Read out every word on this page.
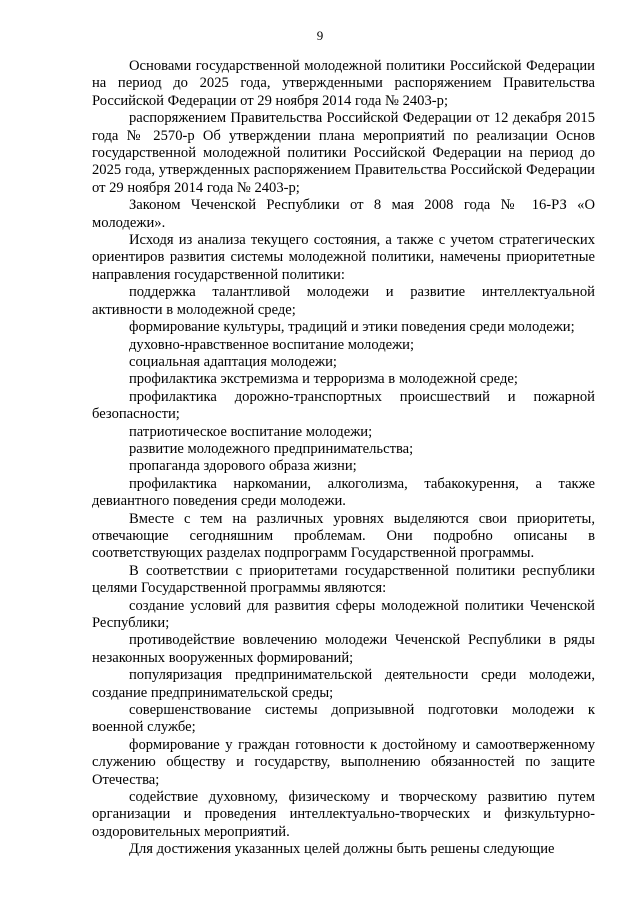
9

Основами государственной молодежной политики Российской Федерации на период до 2025 года, утвержденными распоряжением Правительства Российской Федерации от 29 ноября 2014 года № 2403-р;

распоряжением Правительства Российской Федерации от 12 декабря 2015 года № 2570-р Об утверждении плана мероприятий по реализации Основ государственной молодежной политики Российской Федерации на период до 2025 года, утвержденных распоряжением Правительства Российской Федерации от 29 ноября 2014 года № 2403-р;

Законом Чеченской Республики от 8 мая 2008 года № 16-РЗ «О молодежи».

Исходя из анализа текущего состояния, а также с учетом стратегических ориентиров развития системы молодежной политики, намечены приоритетные направления государственной политики:

поддержка талантливой молодежи и развитие интеллектуальной активности в молодежной среде;

формирование культуры, традиций и этики поведения среди молодежи;

духовно-нравственное воспитание молодежи;

социальная адаптация молодежи;

профилактика экстремизма и терроризма в молодежной среде;

профилактика дорожно-транспортных происшествий и пожарной безопасности;

патриотическое воспитание молодежи;

развитие молодежного предпринимательства;

пропаганда здорового образа жизни;

профилактика наркомании, алкоголизма, табакокурення, а также девиантного поведения среди молодежи.

Вместе с тем на различных уровнях выделяются свои приоритеты, отвечающие сегодняшним проблемам. Они подробно описаны в соответствующих разделах подпрограмм Государственной программы.

В соответствии с приоритетами государственной политики республики целями Государственной программы являются:

создание условий для развития сферы молодежной политики Чеченской Республики;

противодействие вовлечению молодежи Чеченской Республики в ряды незаконных вооруженных формирований;

популяризация предпринимательской деятельности среди молодежи, создание предпринимательской среды;

совершенствование системы допризывной подготовки молодежи к военной службе;

формирование у граждан готовности к достойному и самоотверженному служению обществу и государству, выполнению обязанностей по защите Отечества;

содействие духовному, физическому и творческому развитию путем организации и проведения интеллектуально-творческих и физкультурно-оздоровительных мероприятий.

Для достижения указанных целей должны быть решены следующие
